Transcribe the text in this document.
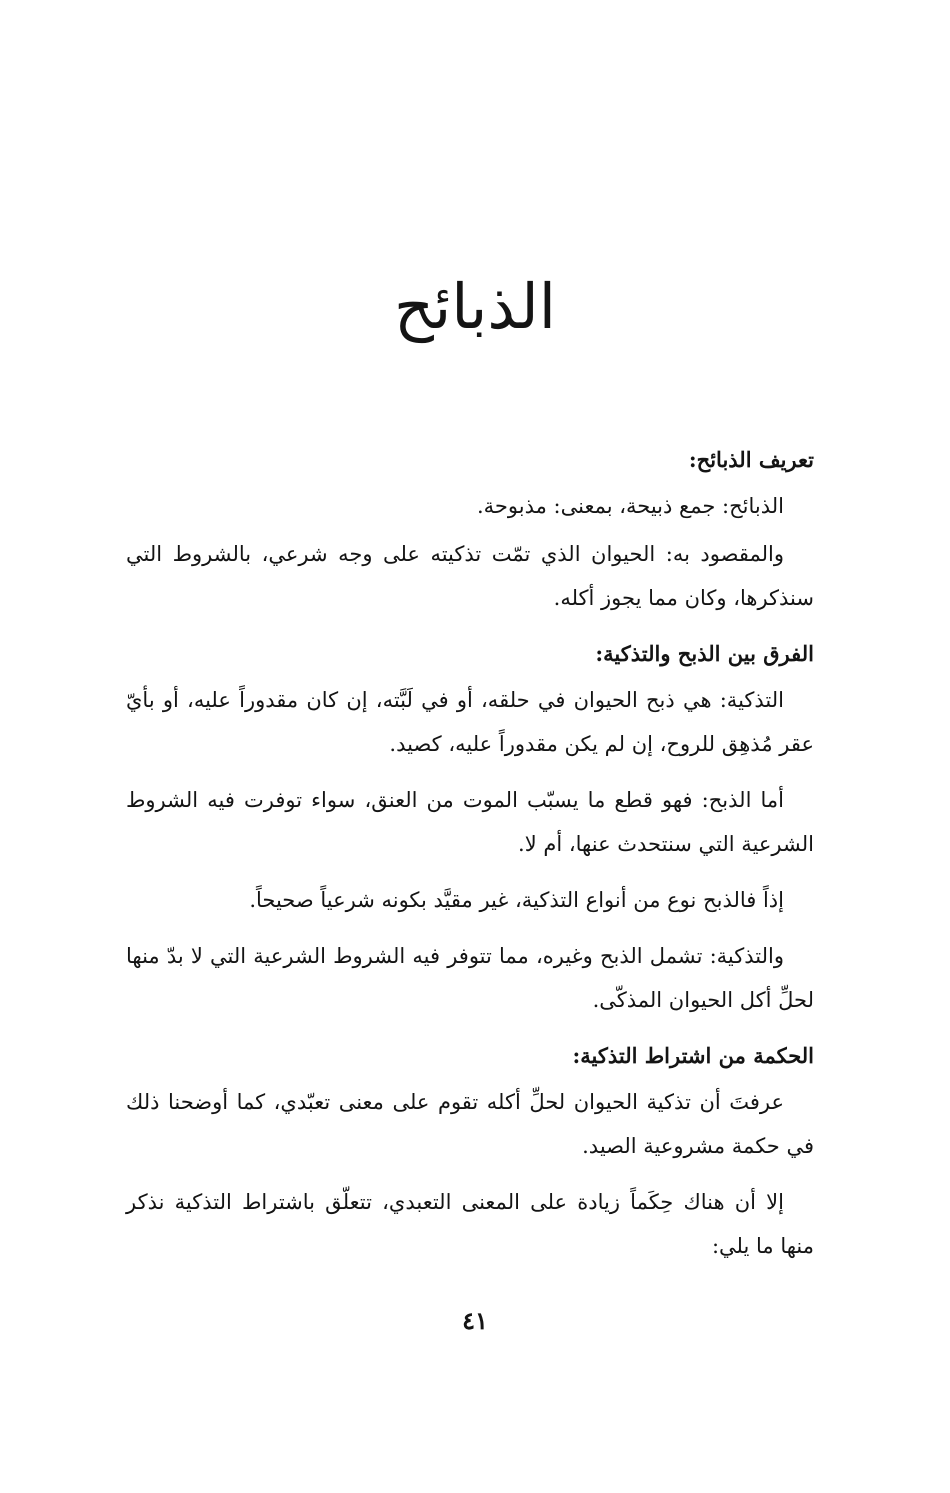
الذبائح
تعريف الذبائح:

الذبائح: جمع ذبيحة، بمعنى: مذبوحة.

والمقصود به: الحيوان الذي تمّت تذكيته على وجه شرعي، بالشروط التي سنذكرها، وكان مما يجوز أكله.

الفرق بين الذبح والتذكية:

التذكية: هي ذبح الحيوان في حلقه، أو في لَبَّته، إن كان مقدوراً عليه، أو بأيّ عقر مُذهِق للروح، إن لم يكن مقدوراً عليه، كصيد.

أما الذبح: فهو قطع ما يسبّب الموت من العنق، سواء توفرت فيه الشروط الشرعية التي سنتحدث عنها، أم لا.

إذاً فالذبح نوع من أنواع التذكية، غير مقيَّد بكونه شرعياً صحيحاً.

والتذكية: تشمل الذبح وغيره، مما تتوفر فيه الشروط الشرعية التي لا بدّ منها لحلِّ أكل الحيوان المذكّى.

الحكمة من اشتراط التذكية:

عرفتَ أن تذكية الحيوان لحلِّ أكله تقوم على معنى تعبّدي، كما أوضحنا ذلك في حكمة مشروعية الصيد.

إلا أن هناك حِكَماً زيادة على المعنى التعبدي، تتعلّق باشتراط التذكية نذكر منها ما يلي:

٤١
